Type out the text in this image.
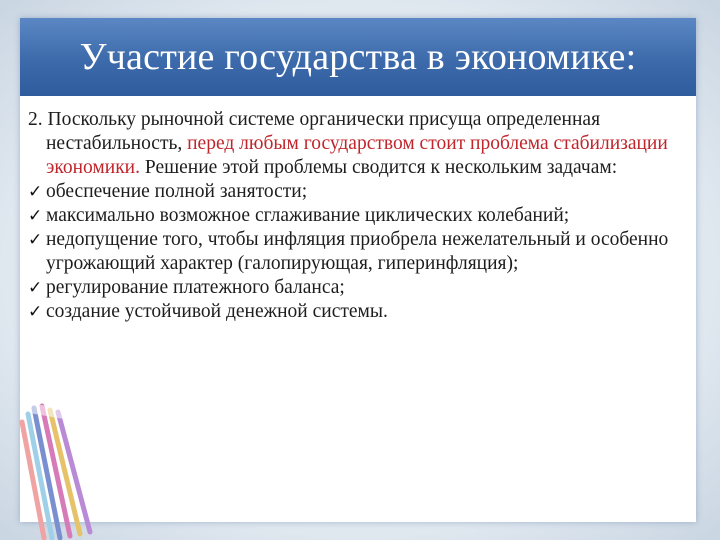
Участие государства в экономике:

2. Поскольку рыночной системе органически присуща определенная нестабильность, перед любым государством стоит проблема стабилизации экономики. Решение этой проблемы сводится к нескольким задачам:

✓ обеспечение полной занятости;
✓ максимально возможное сглаживание циклических колебаний;
✓ недопущение того, чтобы инфляция приобрела нежелательный и особенно угрожающий характер (галопирующая, гиперинфляция);
✓ регулирование платежного баланса;
✓ создание устойчивой денежной системы.
